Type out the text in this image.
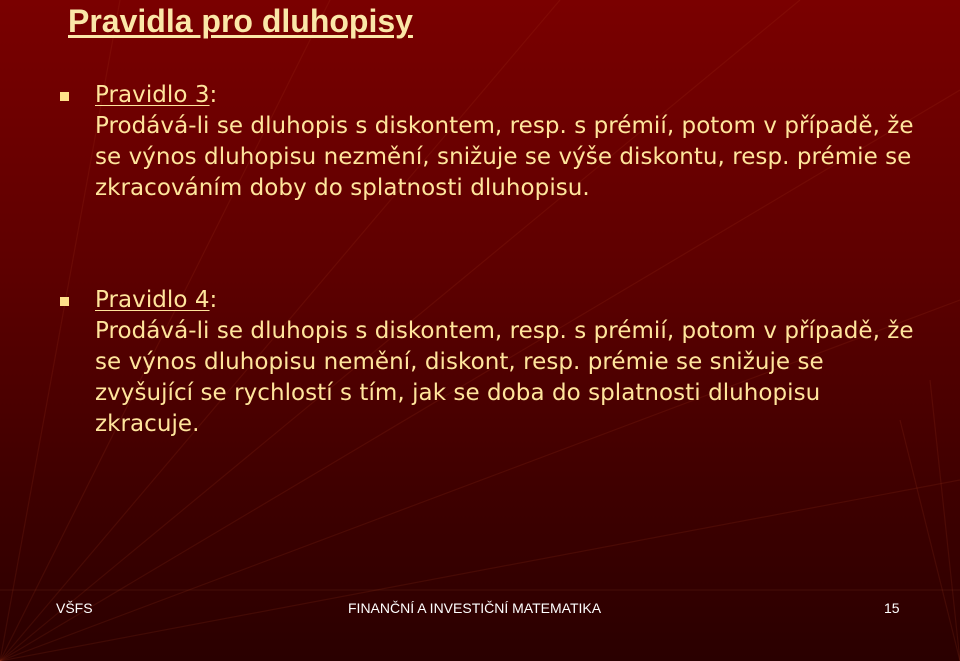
Pravidla pro dluhopisy
Pravidlo 3:
Prodává-li se dluhopis s diskontem, resp. s prémií, potom v případě, že se výnos dluhopisu nezmění, snižuje se výše diskontu, resp. prémie se zkracováním doby do splatnosti dluhopisu.
Pravidlo 4:
Prodává-li se dluhopis s diskontem, resp. s prémií, potom v případě, že se výnos dluhopisu nemění, diskont, resp. prémie se snižuje se zvyšující se rychlostí s tím, jak se doba do splatnosti dluhopisu zkracuje.
VŠFS	FINANČNÍ A INVESTIČNÍ MATEMATIKA	15
